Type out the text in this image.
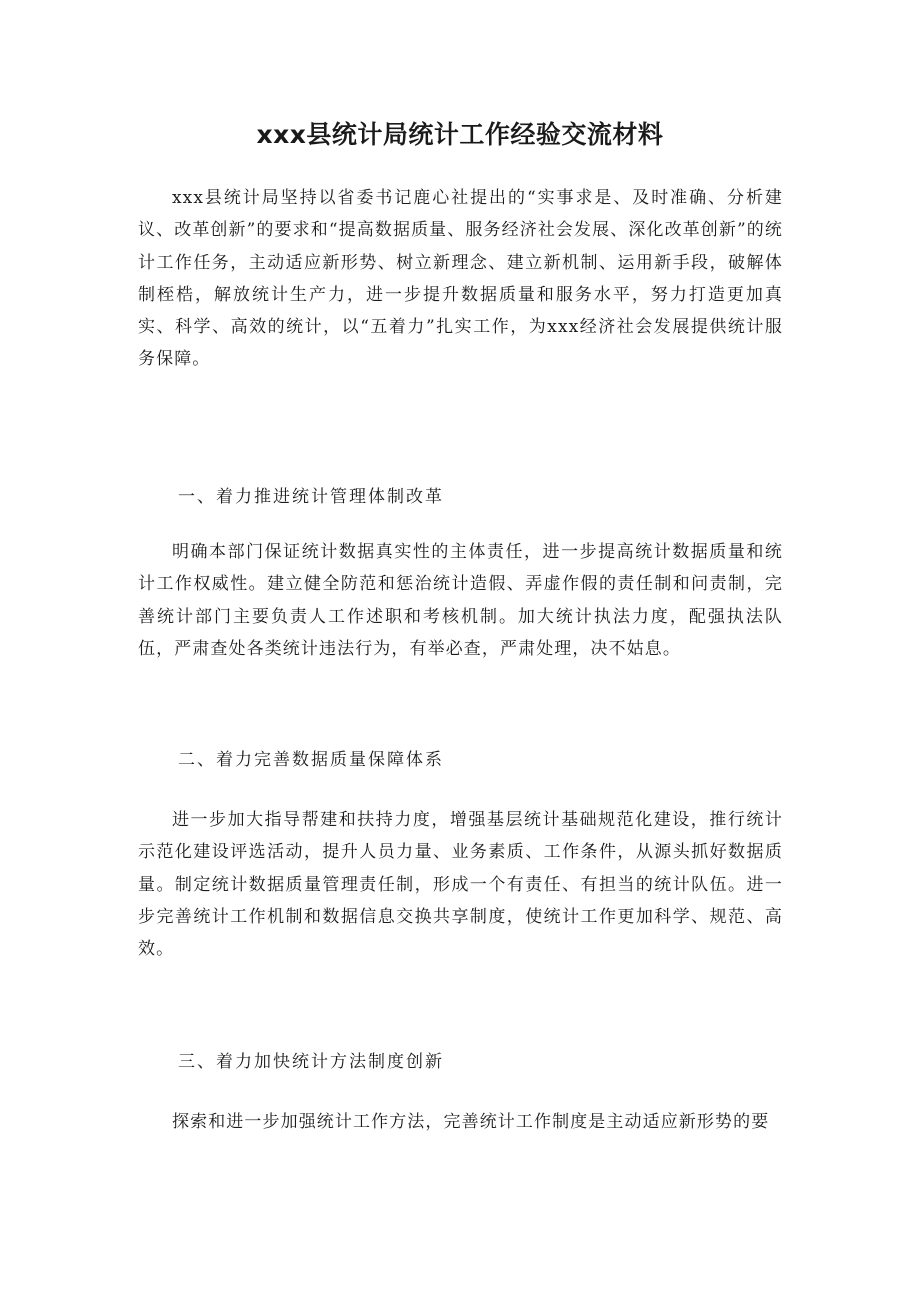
xxx县统计局统计工作经验交流材料

xxx县统计局坚持以省委书记鹿心社提出的“实事求是、及时准确、分析建议、改革创新”的要求和“提高数据质量、服务经济社会发展、深化改革创新”的统计工作任务，主动适应新形势、树立新理念、建立新机制、运用新手段，破解体制桎梏，解放统计生产力，进一步提升数据质量和服务水平，努力打造更加真实、科学、高效的统计，以“五着力”扎实工作，为xxx经济社会发展提供统计服务保障。

一、着力推进统计管理体制改革

明确本部门保证统计数据真实性的主体责任，进一步提高统计数据质量和统计工作权威性。建立健全防范和惩治统计造假、弄虚作假的责任制和问责制，完善统计部门主要负责人工作述职和考核机制。加大统计执法力度，配强执法队伍，严肃查处各类统计违法行为，有举必查，严肃处理，决不姑息。

二、着力完善数据质量保障体系

进一步加大指导帮建和扶持力度，增强基层统计基础规范化建设，推行统计示范化建设评选活动，提升人员力量、业务素质、工作条件，从源头抓好数据质量。制定统计数据质量管理责任制，形成一个有责任、有担当的统计队伍。进一步完善统计工作机制和数据信息交换共享制度，使统计工作更加科学、规范、高效。

三、着力加快统计方法制度创新

探索和进一步加强统计工作方法，完善统计工作制度是主动适应新形势的要
